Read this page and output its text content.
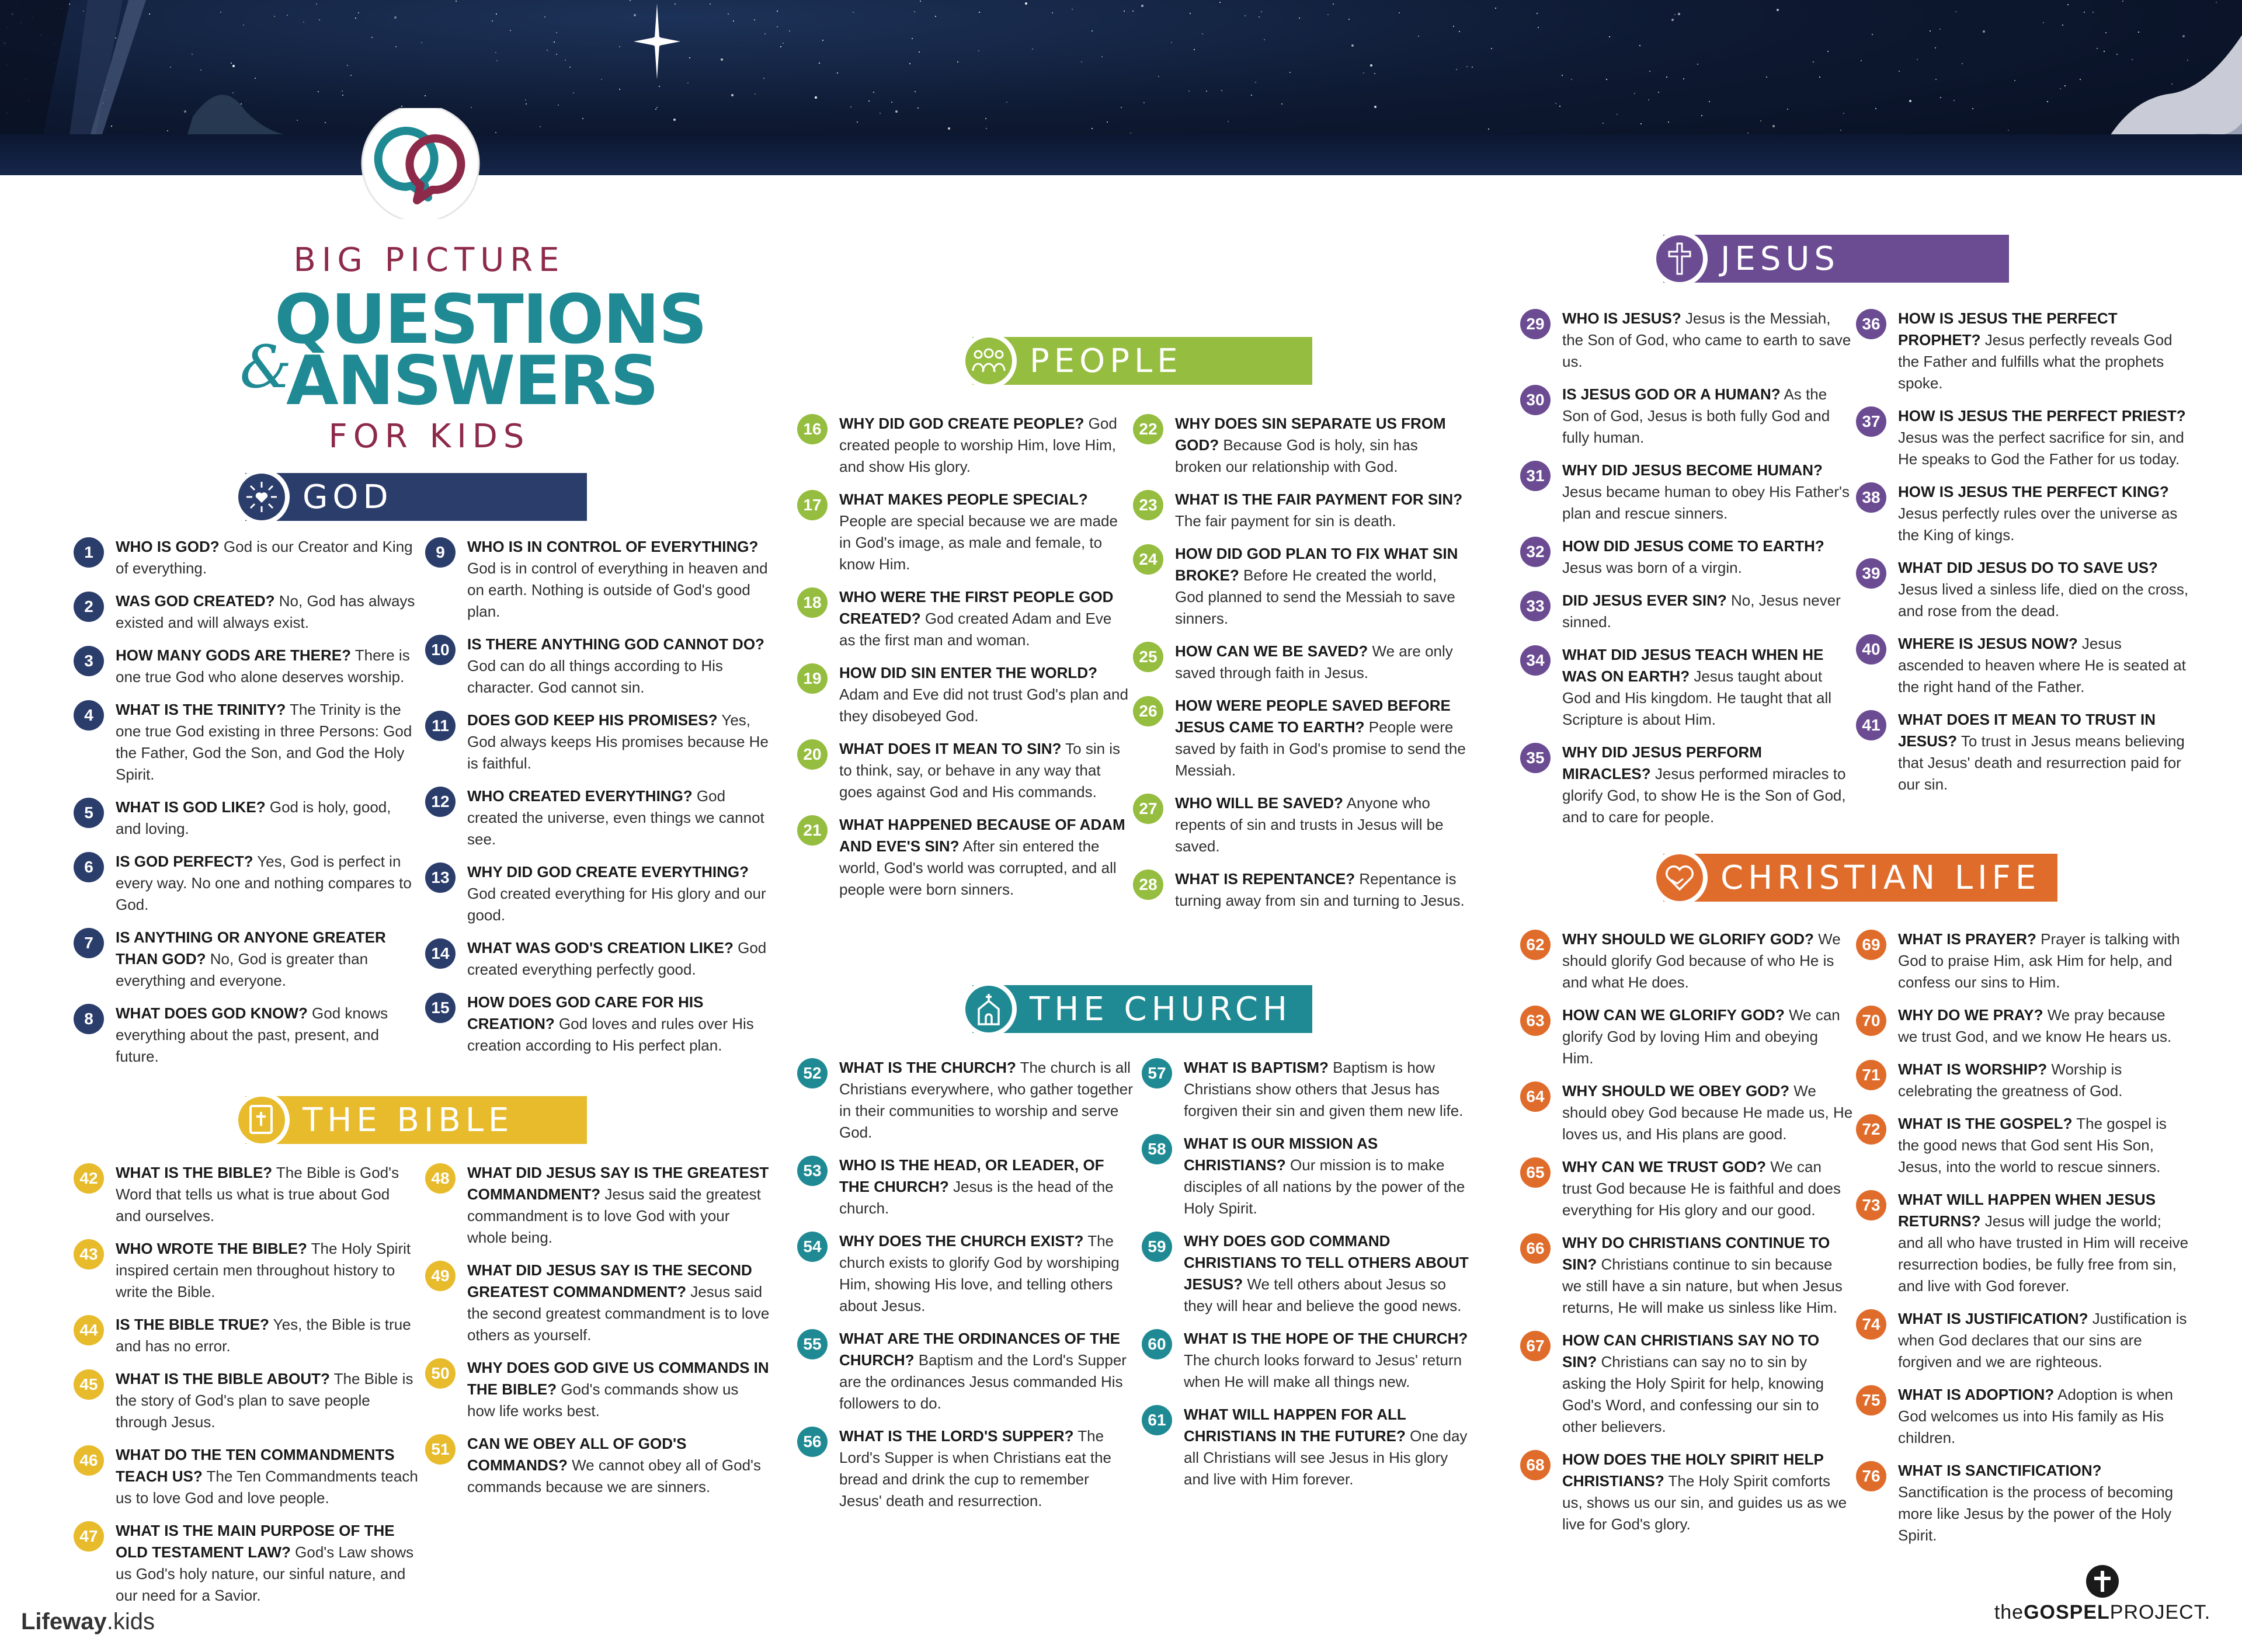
BIG PICTURE
QUESTIONS
&
ANSWERS
FOR KIDS
GOD
THE BIBLE
PEOPLE
THE CHURCH
JESUS
CHRISTIAN LIFE
1	WHO IS GOD? God is our Creator and King of everything.
2	WAS GOD CREATED? No, God has always existed and will always exist.
3	HOW MANY GODS ARE THERE? There is one true God who alone deserves worship.
4	WHAT IS THE TRINITY? The Trinity is the one true God existing in three Persons: God the Father, God the Son, and God the Holy Spirit.
5	WHAT IS GOD LIKE? God is holy, good, and loving.
6	IS GOD PERFECT? Yes, God is perfect in every way. No one and nothing compares to God.
7	IS ANYTHING OR ANYONE GREATER THAN GOD? No, God is greater than everything and everyone.
8	WHAT DOES GOD KNOW? God knows everything about the past, present, and future.
9	WHO IS IN CONTROL OF EVERYTHING? God is in control of everything in heaven and on earth. Nothing is outside of God's good plan.
10	IS THERE ANYTHING GOD CANNOT DO? God can do all things according to His character. God cannot sin.
11	DOES GOD KEEP HIS PROMISES? Yes, God always keeps His promises because He is faithful.
12	WHO CREATED EVERYTHING? God created the universe, even things we cannot see.
13	WHY DID GOD CREATE EVERYTHING? God created everything for His glory and our good.
14	WHAT WAS GOD'S CREATION LIKE? God created everything perfectly good.
15	HOW DOES GOD CARE FOR HIS CREATION? God loves and rules over His creation according to His perfect plan.
42	WHAT IS THE BIBLE? The Bible is God's Word that tells us what is true about God and ourselves.
43	WHO WROTE THE BIBLE? The Holy Spirit inspired certain men throughout history to write the Bible.
44	IS THE BIBLE TRUE? Yes, the Bible is true and has no error.
45	WHAT IS THE BIBLE ABOUT? The Bible is the story of God's plan to save people through Jesus.
46	WHAT DO THE TEN COMMANDMENTS TEACH US? The Ten Commandments teach us to love God and love people.
47	WHAT IS THE MAIN PURPOSE OF THE OLD TESTAMENT LAW? God's Law shows us God's holy nature, our sinful nature, and our need for a Savior.
48	WHAT DID JESUS SAY IS THE GREATEST COMMANDMENT? Jesus said the greatest commandment is to love God with your whole being.
49	WHAT DID JESUS SAY IS THE SECOND GREATEST COMMANDMENT? Jesus said the second greatest commandment is to love others as yourself.
50	WHY DOES GOD GIVE US COMMANDS IN THE BIBLE? God's commands show us how life works best.
51	CAN WE OBEY ALL OF GOD'S COMMANDS? We cannot obey all of God's commands because we are sinners.
16	WHY DID GOD CREATE PEOPLE? God created people to worship Him, love Him, and show His glory.
17	WHAT MAKES PEOPLE SPECIAL? People are special because we are made in God's image, as male and female, to know Him.
18	WHO WERE THE FIRST PEOPLE GOD CREATED? God created Adam and Eve as the first man and woman.
19	HOW DID SIN ENTER THE WORLD? Adam and Eve did not trust God's plan and they disobeyed God.
20	WHAT DOES IT MEAN TO SIN? To sin is to think, say, or behave in any way that goes against God and His commands.
21	WHAT HAPPENED BECAUSE OF ADAM AND EVE'S SIN? After sin entered the world, God's world was corrupted, and all people were born sinners.
22	WHY DOES SIN SEPARATE US FROM GOD? Because God is holy, sin has broken our relationship with God.
23	WHAT IS THE FAIR PAYMENT FOR SIN? The fair payment for sin is death.
24	HOW DID GOD PLAN TO FIX WHAT SIN BROKE? Before He created the world, God planned to send the Messiah to save sinners.
25	HOW CAN WE BE SAVED? We are only saved through faith in Jesus.
26	HOW WERE PEOPLE SAVED BEFORE JESUS CAME TO EARTH? People were saved by faith in God's promise to send the Messiah.
27	WHO WILL BE SAVED? Anyone who repents of sin and trusts in Jesus will be saved.
28	WHAT IS REPENTANCE? Repentance is turning away from sin and turning to Jesus.
52	WHAT IS THE CHURCH? The church is all Christians everywhere, who gather together in their communities to worship and serve God.
53	WHO IS THE HEAD, OR LEADER, OF THE CHURCH? Jesus is the head of the church.
54	WHY DOES THE CHURCH EXIST? The church exists to glorify God by worshiping Him, showing His love, and telling others about Jesus.
55	WHAT ARE THE ORDINANCES OF THE CHURCH? Baptism and the Lord's Supper are the ordinances Jesus commanded His followers to do.
56	WHAT IS THE LORD'S SUPPER? The Lord's Supper is when Christians eat the bread and drink the cup to remember Jesus' death and resurrection.
57	WHAT IS BAPTISM? Baptism is how Christians show others that Jesus has forgiven their sin and given them new life.
58	WHAT IS OUR MISSION AS CHRISTIANS? Our mission is to make disciples of all nations by the power of the Holy Spirit.
59	WHY DOES GOD COMMAND CHRISTIANS TO TELL OTHERS ABOUT JESUS? We tell others about Jesus so they will hear and believe the good news.
60	WHAT IS THE HOPE OF THE CHURCH? The church looks forward to Jesus' return when He will make all things new.
61	WHAT WILL HAPPEN FOR ALL CHRISTIANS IN THE FUTURE? One day all Christians will see Jesus in His glory and live with Him forever.
29	WHO IS JESUS? Jesus is the Messiah, the Son of God, who came to earth to save us.
30	IS JESUS GOD OR A HUMAN? As the Son of God, Jesus is both fully God and fully human.
31	WHY DID JESUS BECOME HUMAN? Jesus became human to obey His Father's plan and rescue sinners.
32	HOW DID JESUS COME TO EARTH? Jesus was born of a virgin.
33	DID JESUS EVER SIN? No, Jesus never sinned.
34	WHAT DID JESUS TEACH WHEN HE WAS ON EARTH? Jesus taught about God and His kingdom. He taught that all Scripture is about Him.
35	WHY DID JESUS PERFORM MIRACLES? Jesus performed miracles to glorify God, to show He is the Son of God, and to care for people.
36	HOW IS JESUS THE PERFECT PROPHET? Jesus perfectly reveals God the Father and fulfills what the prophets spoke.
37	HOW IS JESUS THE PERFECT PRIEST? Jesus was the perfect sacrifice for sin, and He speaks to God the Father for us today.
38	HOW IS JESUS THE PERFECT KING? Jesus perfectly rules over the universe as the King of kings.
39	WHAT DID JESUS DO TO SAVE US? Jesus lived a sinless life, died on the cross, and rose from the dead.
40	WHERE IS JESUS NOW? Jesus ascended to heaven where He is seated at the right hand of the Father.
41	WHAT DOES IT MEAN TO TRUST IN JESUS? To trust in Jesus means believing that Jesus' death and resurrection paid for our sin.
62	WHY SHOULD WE GLORIFY GOD? We should glorify God because of who He is and what He does.
63	HOW CAN WE GLORIFY GOD? We can glorify God by loving Him and obeying Him.
64	WHY SHOULD WE OBEY GOD? We should obey God because He made us, He loves us, and His plans are good.
65	WHY CAN WE TRUST GOD? We can trust God because He is faithful and does everything for His glory and our good.
66	WHY DO CHRISTIANS CONTINUE TO SIN? Christians continue to sin because we still have a sin nature, but when Jesus returns, He will make us sinless like Him.
67	HOW CAN CHRISTIANS SAY NO TO SIN? Christians can say no to sin by asking the Holy Spirit for help, knowing God's Word, and confessing our sin to other believers.
68	HOW DOES THE HOLY SPIRIT HELP CHRISTIANS? The Holy Spirit comforts us, shows us our sin, and guides us as we live for God's glory.
69	WHAT IS PRAYER? Prayer is talking with God to praise Him, ask Him for help, and confess our sins to Him.
70	WHY DO WE PRAY? We pray because we trust God, and we know He hears us.
71	WHAT IS WORSHIP? Worship is celebrating the greatness of God.
72	WHAT IS THE GOSPEL? The gospel is the good news that God sent His Son, Jesus, into the world to rescue sinners.
73	WHAT WILL HAPPEN WHEN JESUS RETURNS? Jesus will judge the world; and all who have trusted in Him will receive resurrection bodies, be fully free from sin, and live with God forever.
74	WHAT IS JUSTIFICATION? Justification is when God declares that our sins are forgiven and we are righteous.
75	WHAT IS ADOPTION? Adoption is when God welcomes us into His family as His children.
76	WHAT IS SANCTIFICATION? Sanctification is the process of becoming more like Jesus by the power of the Holy Spirit.
Lifeway.kids	theGOSPELPROJECT.
